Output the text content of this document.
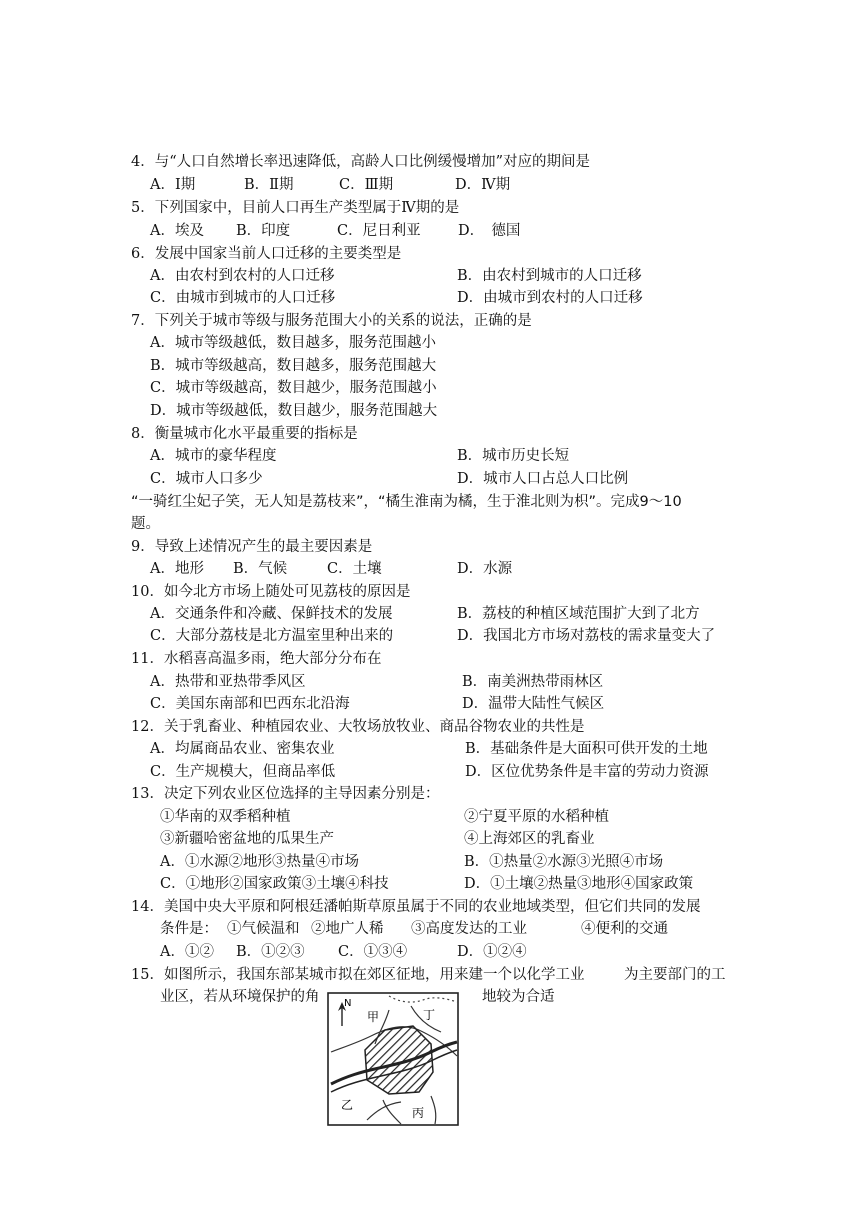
4．与“人口自然增长率迅速降低，高龄人口比例缓慢增加”对应的期间是
A．Ⅰ期	B．Ⅱ期	C．Ⅲ期	D．Ⅳ期
5．下列国家中，目前人口再生产类型属于Ⅳ期的是
A．埃及 B．印度	C．尼日利亚	D．　德国
6．发展中国家当前人口迁移的主要类型是
A．由农村到农村的人口迁移	B．由农村到城市的人口迁移
C．由城市到城市的人口迁移	D．由城市到农村的人口迁移
7．下列关于城市等级与服务范围大小的关系的说法，正确的是
A．城市等级越低，数目越多，服务范围越小
B．城市等级越高，数目越多，服务范围越大
C．城市等级越高，数目越少，服务范围越小
D．城市等级越低，数目越少，服务范围越大
8．衡量城市化水平最重要的指标是
A．城市的豪华程度	B．城市历史长短
C．城市人口多少	D．城市人口占总人口比例
“一骑红尘妃子笑，无人知是荔枝来”，“橘生淮南为橘，生于淮北则为枳”。完成9～10
题。
9．导致上述情况产生的最主要因素是
A．地形 B．气候	C．土壤	D．水源
10．如今北方市场上随处可见荔枝的原因是
A．交通条件和冷藏、保鲜技术的发展	B．荔枝的种植区域范围扩大到了北方
C．大部分荔枝是北方温室里种出来的	D．我国北方市场对荔枝的需求量变大了
11．水稻喜高温多雨，绝大部分分布在
A．热带和亚热带季风区	B．南美洲热带雨林区
C．美国东南部和巴西东北沿海	D．温带大陆性气候区
12．关于乳畜业、种植园农业、大牧场放牧业、商品谷物农业的共性是
A．均属商品农业、密集农业	B．基础条件是大面积可供开发的土地
C．生产规模大，但商品率低	D．区位优势条件是丰富的劳动力资源
13．决定下列农业区位选择的主导因素分别是：
①华南的双季稻种植	②宁夏平原的水稻种植
③新疆哈密盆地的瓜果生产	④上海郊区的乳畜业
A．①水源②地形③热量④市场	B．①热量②水源③光照④市场
C．①地形②国家政策③土壤④科技	D．①土壤②热量③地形④国家政策
14．美国中央大平原和阿根廷潘帕斯草原虽属于不同的农业地域类型，但它们共同的发展
条件是： ①气候温和 ②地广人稀 ③高度发达的工业	④便利的交通
A．①② B．①②③ C．①③④	D．①②④
15．如图所示，我国东部某城市拟在郊区征地，用来建一个以化学工业	为主要部门的工
业区，若从环境保护的角	地较为合适
N
甲	丁
乙
丙
